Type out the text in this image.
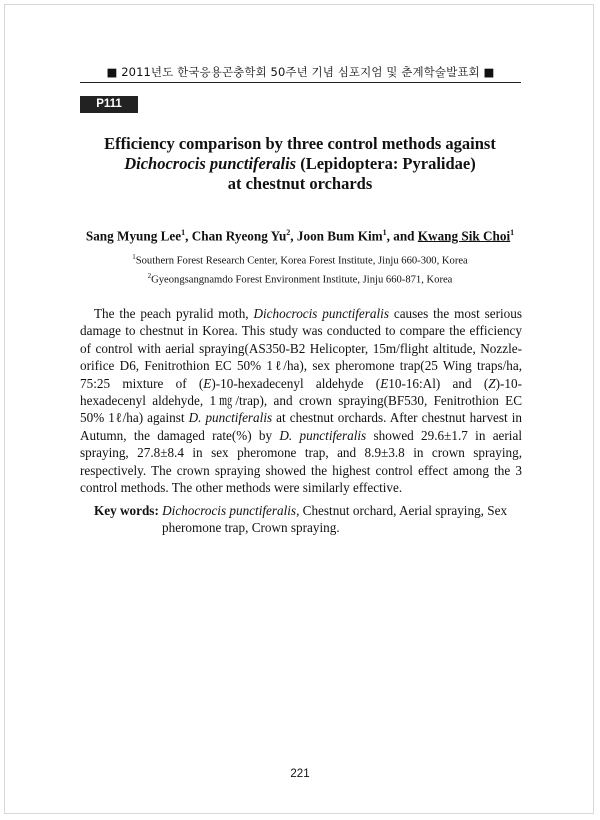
■ 2011년도 한국응용곤충학회 50주년 기념 심포지엄 및 춘계학술발표회 ■
P111
Efficiency comparison by three control methods against
Dichocrocis punctiferalis (Lepidoptera: Pyralidae)
at chestnut orchards
Sang Myung Lee$^1$, Chan Ryeong Yu$^2$, Joon Bum Kim$^1$, and Kwang Sik Choi$^1$
$^1$Southern Forest Research Center, Korea Forest Institute, Jinju 660-300, Korea
$^2$Gyeongsangnamdo Forest Environment Institute, Jinju 660-871, Korea

The the peach pyralid moth, Dichocrocis punctiferalis causes the most serious damage to chestnut in Korea. This study was conducted to compare the efficiency of control with aerial spraying(AS350-B2 Helicopter, 15m/flight altitude, Nozzle-orifice D6, Fenitrothion EC 50% 1ℓ/ha), sex pheromone trap(25 Wing traps/ha, 75:25 mixture of (E)-10-hexadecenyl aldehyde (E10-16:Al) and (Z)-10-hexadecenyl aldehyde, 1㎎/trap), and crown spraying(BF530, Fenitrothion EC 50% 1ℓ/ha) against D. punctiferalis at chestnut orchards. After chestnut harvest in Autumn, the damaged rate(%) by D. punctiferalis showed 29.6±1.7 in aerial spraying, 27.8±8.4 in sex pheromone trap, and 8.9±3.8 in crown spraying, respectively. The crown spraying showed the highest control effect among the 3 control methods. The other methods were similarly effective.

Key words: Dichocrocis punctiferalis, Chestnut orchard, Aerial spraying, Sex pheromone trap, Crown spraying.

221
